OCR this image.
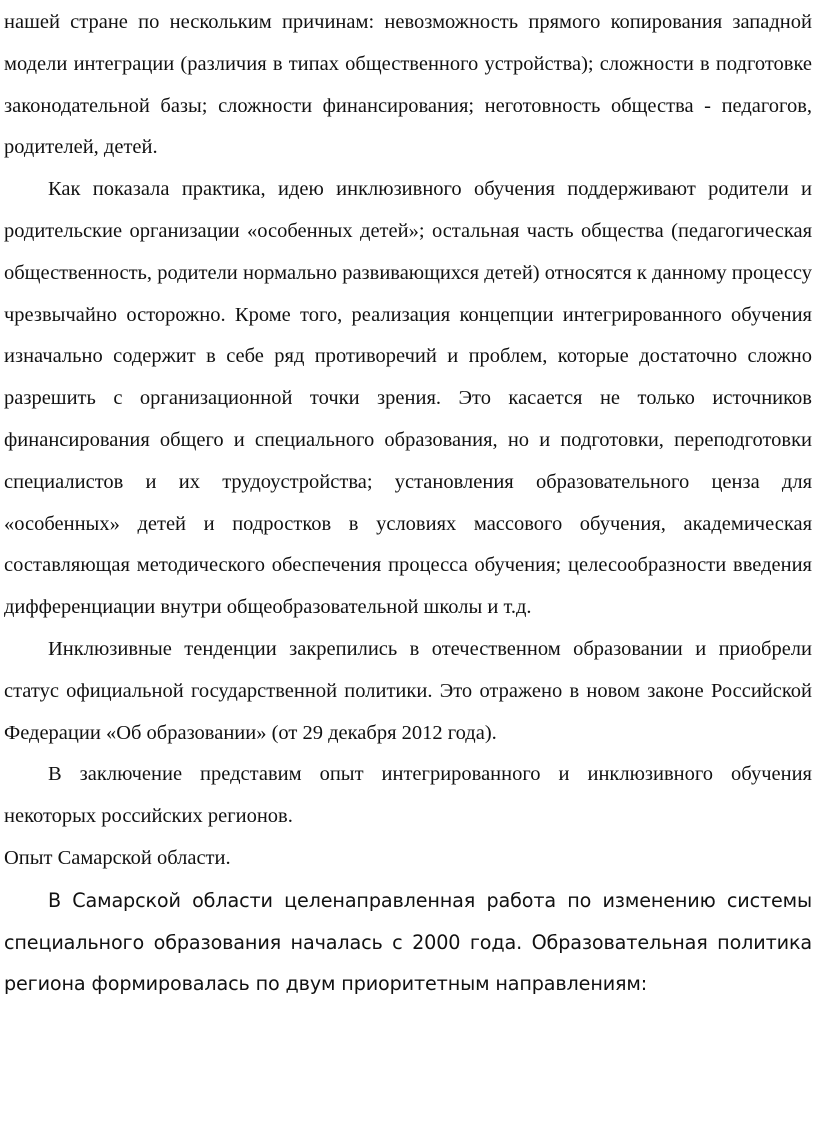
нашей стране по нескольким причинам: невозможность прямого копирования западной модели интеграции (различия в типах общественного устройства); сложности в подготовке законодательной базы; сложности финансирования; неготовность общества - педагогов, родителей, детей.

Как показала практика, идею инклюзивного обучения поддерживают родители и родительские организации «особенных детей»; остальная часть общества (педагогическая общественность, родители нормально развивающихся детей) относятся к данному процессу чрезвычайно осторожно. Кроме того, реализация концепции интегрированного обучения изначально содержит в себе ряд противоречий и проблем, которые достаточно сложно разрешить с организационной точки зрения. Это касается не только источников финансирования общего и специального образования, но и подготовки, переподготовки специалистов и их трудоустройства; установления образовательного ценза для «особенных» детей и подростков в условиях массового обучения, академическая составляющая методического обеспечения процесса обучения; целесообразности введения дифференциации внутри общеобразовательной школы и т.д.

Инклюзивные тенденции закрепились в отечественном образовании и приобрели статус официальной государственной политики. Это отражено в новом законе Российской Федерации «Об образовании» (от 29 декабря 2012 года).

В заключение представим опыт интегрированного и инклюзивного обучения некоторых российских регионов.

Опыт Самарской области.

В Самарской области целенаправленная работа по изменению системы специального образования началась с 2000 года. Образовательная политика региона формировалась по двум приоритетным направлениям:
